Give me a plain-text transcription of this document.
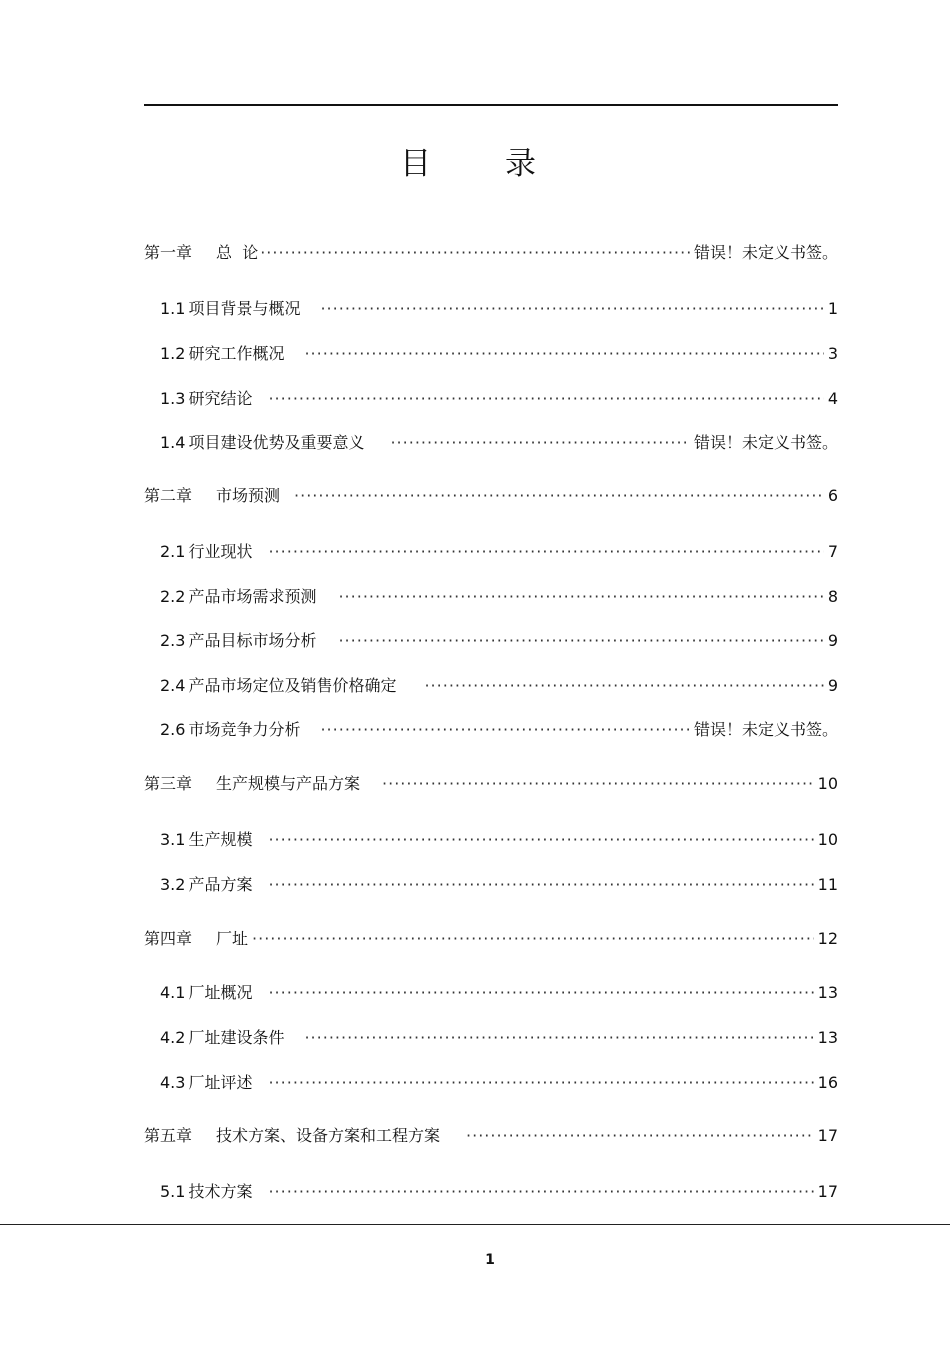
目录
第一章 总  论 ·····	错误！未定义书签。
1.1 项目背景与概况 ·····	1
1.2 研究工作概况 ·····	3
1.3 研究结论 ·····	4
1.4 项目建设优势及重要意义 ·····	错误！未定义书签。
第二章 市场预测 ·····	6
2.1 行业现状 ·····	7
2.2 产品市场需求预测 ·····	8
2.3 产品目标市场分析 ·····	9
2.4 产品市场定位及销售价格确定 ·····	9
2.6 市场竞争力分析 ·····	错误！未定义书签。
第三章 生产规模与产品方案 ·····	10
3.1 生产规模 ·····	10
3.2 产品方案 ·····	11
第四章 厂址 ·····	12
4.1 厂址概况 ·····	13
4.2 厂址建设条件 ·····	13
4.3 厂址评述 ·····	16
第五章 技术方案、设备方案和工程方案 ·····	17
5.1 技术方案 ·····	17
1
